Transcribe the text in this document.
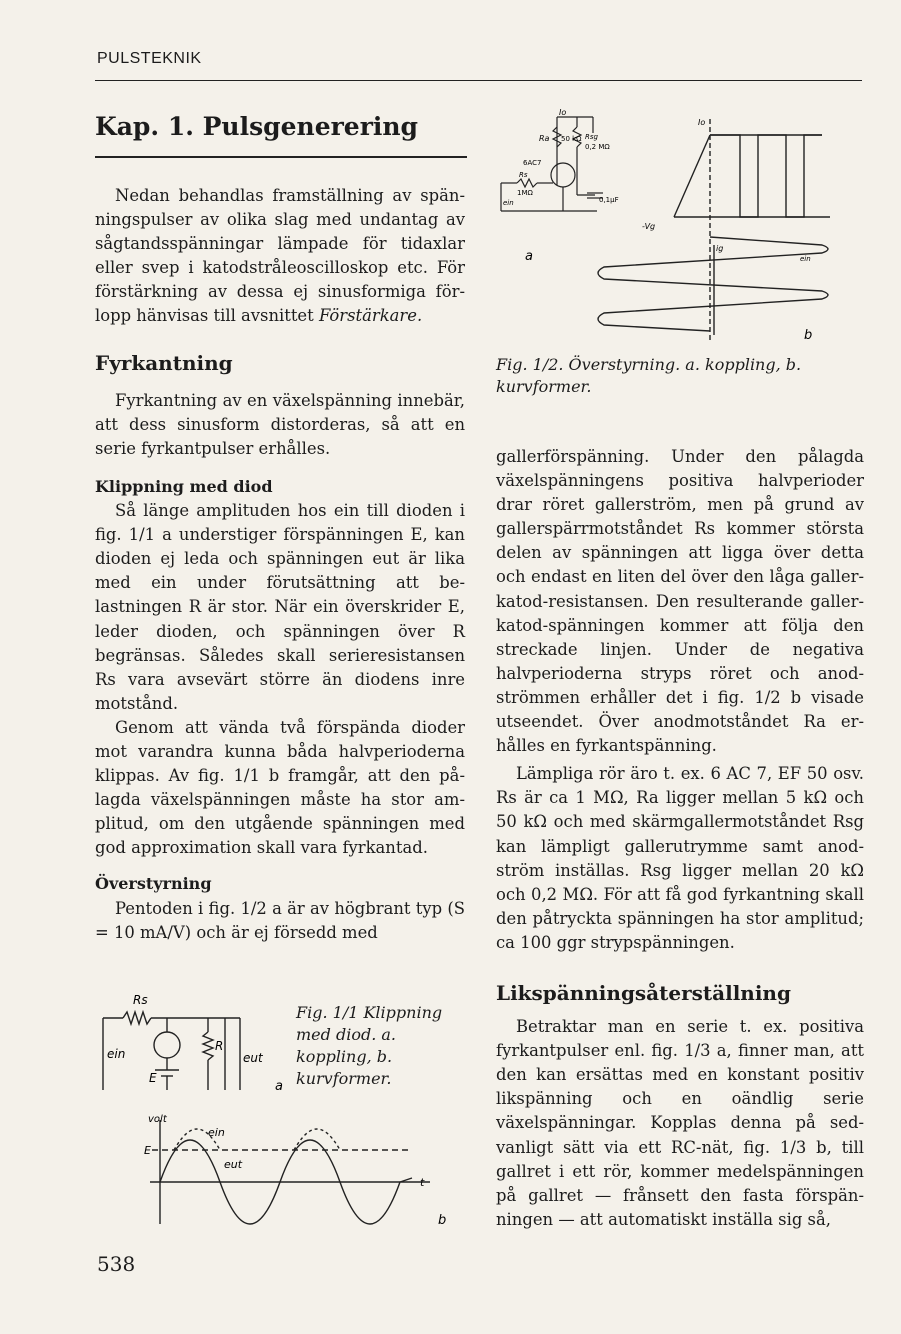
PULSTEKNIK
Kap. 1. Pulsgenerering

Nedan behandlas framställning av spänningspulser av olika slag med undantag av sågtandsspänningar lämpade för tidaxlar eller svep i katodstråleoscilloskop etc. För förstärkning av dessa ej sinusformiga förlopp hänvisas till avsnittet Förstärkare.

Fyrkantning

Fyrkantning av en växelspänning innebär, att dess sinusform distorderas, så att en serie fyrkantpulser erhålles.

Klippning med diod

Så länge amplituden hos ein till dioden i fig. 1/1 a understiger förspänningen E, kan dioden ej leda och spänningen eut är lika med ein under förutsättning att belastningen R är stor. När ein överskrider E, leder dioden, och spänningen över R begränsas. Således skall serieresistansen Rs vara avsevärt större än diodens inre motstånd.

Genom att vända två förspända dioder mot varandra kunna båda halvperioderna klippas. Av fig. 1/1 b framgår, att den pålagda växelspänningen måste ha stor amplitud, om den utgående spänningen med god approximation skall vara fyrkantad.

Överstyrning

Pentoden i fig. 1/2 a är av högbrant typ (S = 10 mA/V) och är ej försedd med

Rs
ein
E
R
eut
a
Fig. 1/1 Klippning med diod. a. koppling, b. kurvformer.
volt
E
ein
eut
t
b
538
Io
Ra 50 kΩ Rsg
0,2 MΩ
6AC7
Rs
1MΩ
ein	0,1μF
a
Io
-Vg
ig
ein
b
Fig. 1/2. Överstyrning. a. koppling, b. kurvformer.

gallerförspänning. Under den pålagda växelspänningens positiva halvperioder drar röret gallerström, men på grund av gallerspärrmotståndet Rs kommer största delen av spänningen att ligga över detta och endast en liten del över den låga galler-katod-resistansen. Den resulterande galler-katod-spänningen kommer att följa den streckade linjen. Under de negativa halvperioderna stryps röret och anodströmmen erhåller det i fig. 1/2 b visade utseendet. Över anodmotståndet Ra erhålles en fyrkantspänning.

Lämpliga rör äro t. ex. 6 AC 7, EF 50 osv. Rs är ca 1 MΩ, Ra ligger mellan 5 kΩ och 50 kΩ och med skärmgallermotståndet Rsg kan lämpligt gallerutrymme samt anodström inställas. Rsg ligger mellan 20 kΩ och 0,2 MΩ. För att få god fyrkantning skall den påtryckta spänningen ha stor amplitud; ca 100 ggr strypspänningen.

Likspänningsåterställning

Betraktar man en serie t. ex. positiva fyrkantpulser enl. fig. 1/3 a, finner man, att den kan ersättas med en konstant positiv likspänning och en oändlig serie växelspänningar. Kopplas denna på sedvanligt sätt via ett RC-nät, fig. 1/3 b, till gallret i ett rör, kommer medelspänningen på gallret — frånsett den fasta förspänningen — att automatiskt inställa sig så,
